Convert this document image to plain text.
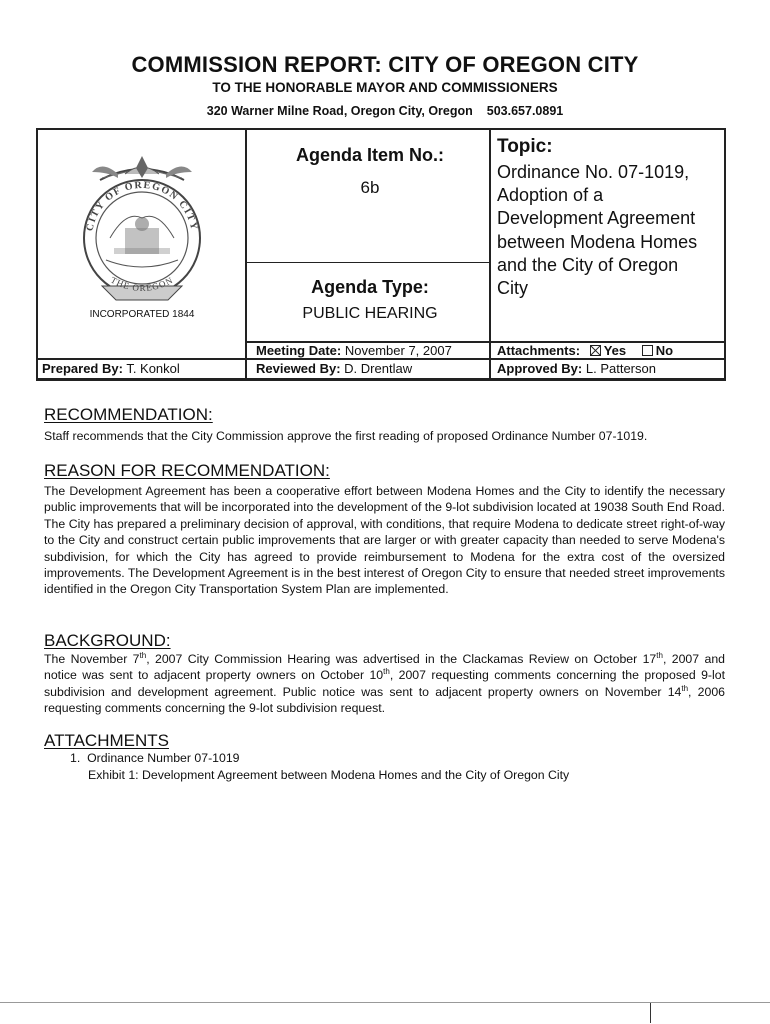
COMMISSION REPORT: CITY OF OREGON CITY
TO THE HONORABLE MAYOR AND COMMISSIONERS
320 Warner Milne Road, Oregon City, Oregon 503.657.0891
CITY OF OREGON CITY
THE OREGON
INCORPORATED 1844
Agenda Item No.:
6b
Agenda Type:
PUBLIC HEARING
Topic:
Ordinance No. 07-1019,
Adoption of a
Development Agreement
between Modena Homes
and the City of Oregon
City
Meeting Date: November 7, 2007	Attachments: Yes No
Prepared By: T. Konkol	Reviewed By: D. Drentlaw	Approved By: L. Patterson
RECOMMENDATION:
Staff recommends that the City Commission approve the first reading of proposed Ordinance Number 07-1019.
REASON FOR RECOMMENDATION:
The Development Agreement has been a cooperative effort between Modena Homes and the City to identify the necessary public improvements that will be incorporated into the development of the 9-lot subdivision located at 19038 South End Road. The City has prepared a preliminary decision of approval, with conditions, that require Modena to dedicate street right-of-way to the City and construct certain public improvements that are larger or with greater capacity than needed to serve Modena's subdivision, for which the City has agreed to provide reimbursement to Modena for the extra cost of the oversized improvements. The Development Agreement is in the best interest of Oregon City to ensure that needed street improvements identified in the Oregon City Transportation System Plan are implemented.
BACKGROUND:
The November 7th, 2007 City Commission Hearing was advertised in the Clackamas Review on October 17th, 2007 and notice was sent to adjacent property owners on October 10th, 2007 requesting comments concerning the proposed 9-lot subdivision and development agreement. Public notice was sent to adjacent property owners on November 14th, 2006 requesting comments concerning the 9-lot subdivision request.
ATTACHMENTS
1.  Ordinance Number 07-1019
Exhibit 1: Development Agreement between Modena Homes and the City of Oregon City
